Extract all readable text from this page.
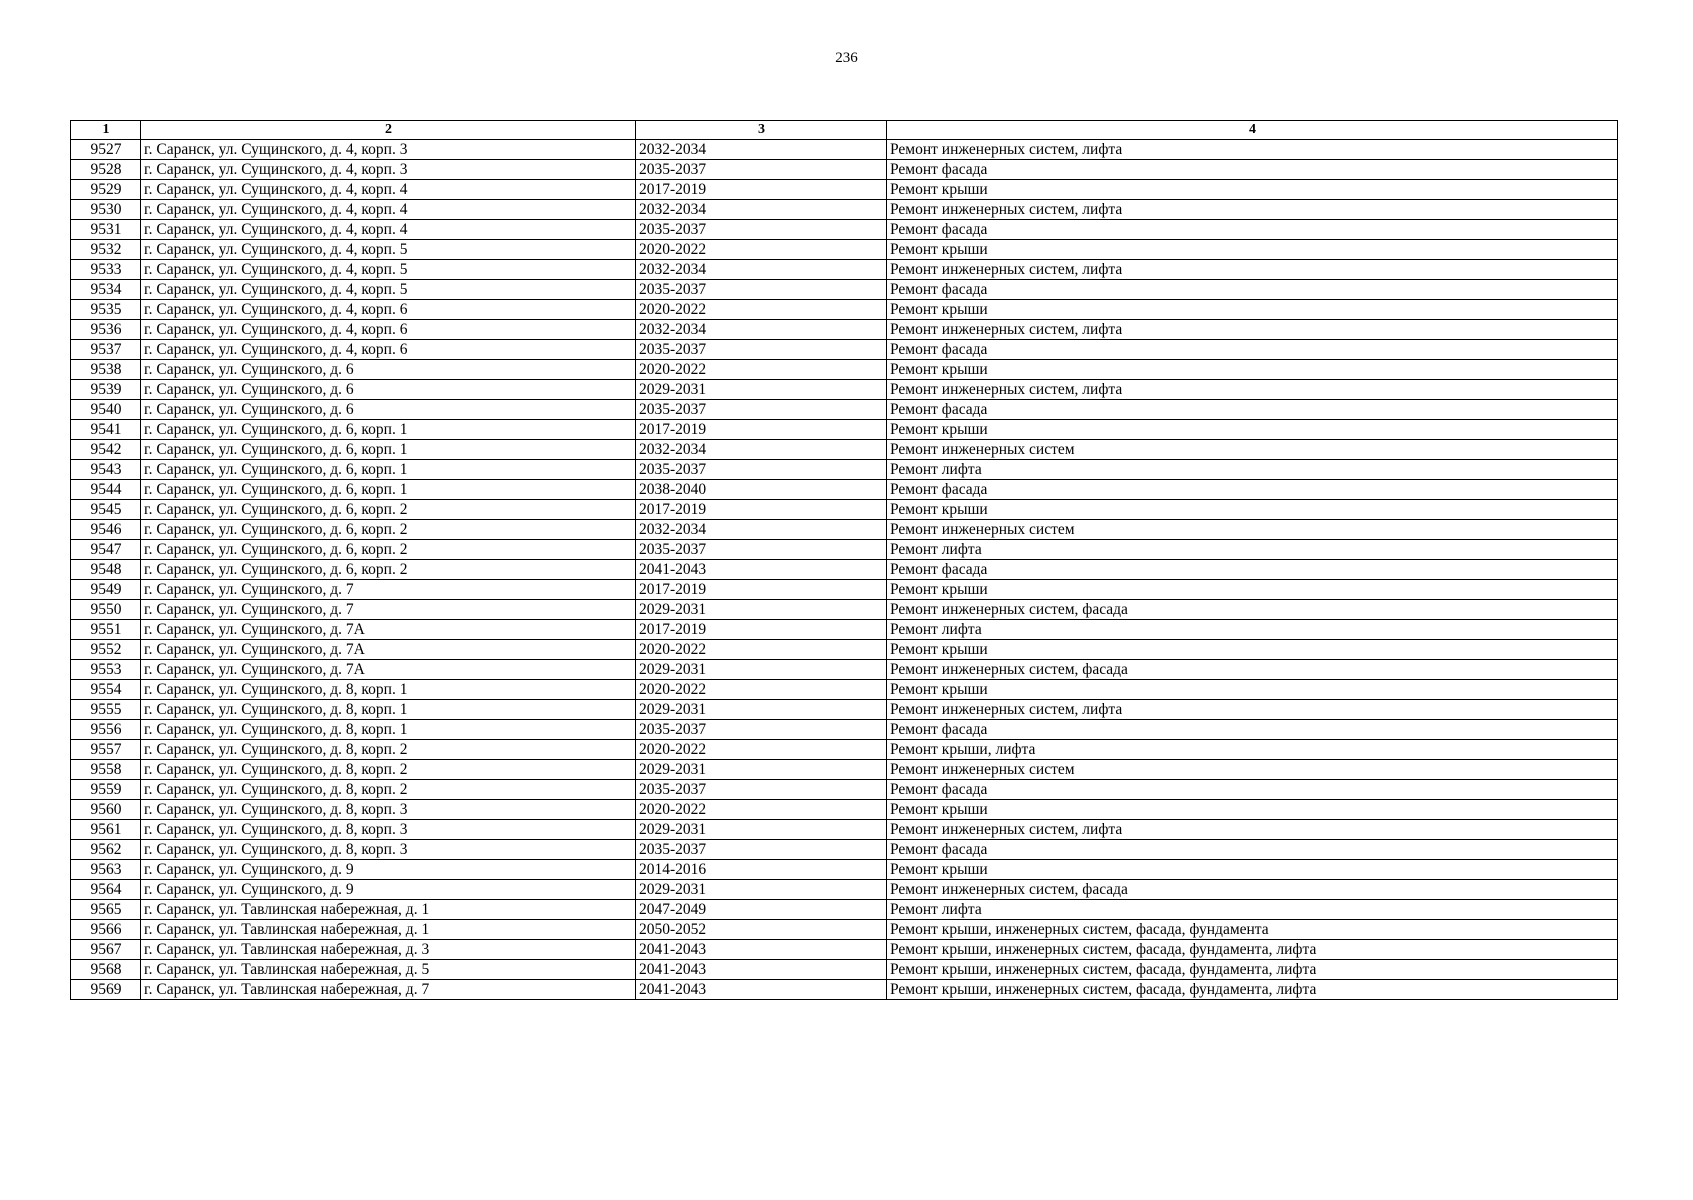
236
1	2	3	4
9527	г. Саранск, ул. Сущинского, д. 4, корп. 3	2032-2034	Ремонт инженерных систем, лифта
9528	г. Саранск, ул. Сущинского, д. 4, корп. 3	2035-2037	Ремонт фасада
9529	г. Саранск, ул. Сущинского, д. 4, корп. 4	2017-2019	Ремонт крыши
9530	г. Саранск, ул. Сущинского, д. 4, корп. 4	2032-2034	Ремонт инженерных систем, лифта
9531	г. Саранск, ул. Сущинского, д. 4, корп. 4	2035-2037	Ремонт фасада
9532	г. Саранск, ул. Сущинского, д. 4, корп. 5	2020-2022	Ремонт крыши
9533	г. Саранск, ул. Сущинского, д. 4, корп. 5	2032-2034	Ремонт инженерных систем, лифта
9534	г. Саранск, ул. Сущинского, д. 4, корп. 5	2035-2037	Ремонт фасада
9535	г. Саранск, ул. Сущинского, д. 4, корп. 6	2020-2022	Ремонт крыши
9536	г. Саранск, ул. Сущинского, д. 4, корп. 6	2032-2034	Ремонт инженерных систем, лифта
9537	г. Саранск, ул. Сущинского, д. 4, корп. 6	2035-2037	Ремонт фасада
9538	г. Саранск, ул. Сущинского, д. 6	2020-2022	Ремонт крыши
9539	г. Саранск, ул. Сущинского, д. 6	2029-2031	Ремонт инженерных систем, лифта
9540	г. Саранск, ул. Сущинского, д. 6	2035-2037	Ремонт фасада
9541	г. Саранск, ул. Сущинского, д. 6, корп. 1	2017-2019	Ремонт крыши
9542	г. Саранск, ул. Сущинского, д. 6, корп. 1	2032-2034	Ремонт инженерных систем
9543	г. Саранск, ул. Сущинского, д. 6, корп. 1	2035-2037	Ремонт лифта
9544	г. Саранск, ул. Сущинского, д. 6, корп. 1	2038-2040	Ремонт фасада
9545	г. Саранск, ул. Сущинского, д. 6, корп. 2	2017-2019	Ремонт крыши
9546	г. Саранск, ул. Сущинского, д. 6, корп. 2	2032-2034	Ремонт инженерных систем
9547	г. Саранск, ул. Сущинского, д. 6, корп. 2	2035-2037	Ремонт лифта
9548	г. Саранск, ул. Сущинского, д. 6, корп. 2	2041-2043	Ремонт фасада
9549	г. Саранск, ул. Сущинского, д. 7	2017-2019	Ремонт крыши
9550	г. Саранск, ул. Сущинского, д. 7	2029-2031	Ремонт инженерных систем, фасада
9551	г. Саранск, ул. Сущинского, д. 7А	2017-2019	Ремонт лифта
9552	г. Саранск, ул. Сущинского, д. 7А	2020-2022	Ремонт крыши
9553	г. Саранск, ул. Сущинского, д. 7А	2029-2031	Ремонт инженерных систем, фасада
9554	г. Саранск, ул. Сущинского, д. 8, корп. 1	2020-2022	Ремонт крыши
9555	г. Саранск, ул. Сущинского, д. 8, корп. 1	2029-2031	Ремонт инженерных систем, лифта
9556	г. Саранск, ул. Сущинского, д. 8, корп. 1	2035-2037	Ремонт фасада
9557	г. Саранск, ул. Сущинского, д. 8, корп. 2	2020-2022	Ремонт крыши, лифта
9558	г. Саранск, ул. Сущинского, д. 8, корп. 2	2029-2031	Ремонт инженерных систем
9559	г. Саранск, ул. Сущинского, д. 8, корп. 2	2035-2037	Ремонт фасада
9560	г. Саранск, ул. Сущинского, д. 8, корп. 3	2020-2022	Ремонт крыши
9561	г. Саранск, ул. Сущинского, д. 8, корп. 3	2029-2031	Ремонт инженерных систем, лифта
9562	г. Саранск, ул. Сущинского, д. 8, корп. 3	2035-2037	Ремонт фасада
9563	г. Саранск, ул. Сущинского, д. 9	2014-2016	Ремонт крыши
9564	г. Саранск, ул. Сущинского, д. 9	2029-2031	Ремонт инженерных систем, фасада
9565	г. Саранск, ул. Тавлинская набережная, д. 1	2047-2049	Ремонт лифта
9566	г. Саранск, ул. Тавлинская набережная, д. 1	2050-2052	Ремонт крыши, инженерных систем, фасада, фундамента
9567	г. Саранск, ул. Тавлинская набережная, д. 3	2041-2043	Ремонт крыши, инженерных систем, фасада, фундамента, лифта
9568	г. Саранск, ул. Тавлинская набережная, д. 5	2041-2043	Ремонт крыши, инженерных систем, фасада, фундамента, лифта
9569	г. Саранск, ул. Тавлинская набережная, д. 7	2041-2043	Ремонт крыши, инженерных систем, фасада, фундамента, лифта
